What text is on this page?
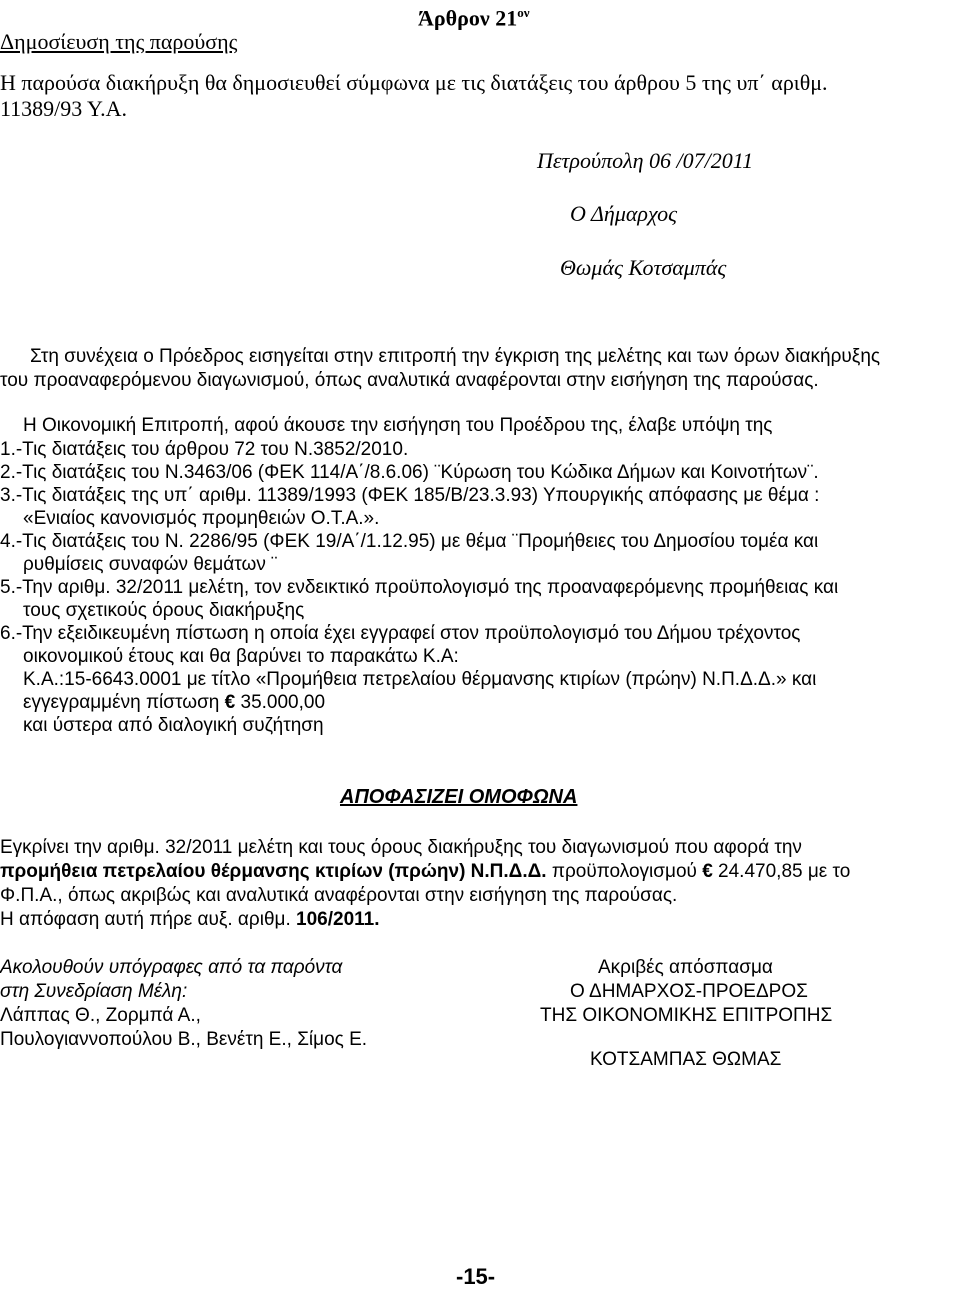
Άρθρον $21^{o\nu}$
Δημοσίευση της παρούσης
Η παρούσα διακήρυξη θα δημοσιευθεί σύμφωνα με τις διατάξεις του άρθρου 5 της υπ΄ αριθμ.
11389/93 Υ.Α.
Πετρούπολη 06 /07/2011
Ο Δήμαρχος
Θωμάς Κοτσαμπάς
Στη συνέχεια ο Πρόεδρος εισηγείται στην επιτροπή την έγκριση της μελέτης και των όρων διακήρυξης
του προαναφερόμενου διαγωνισμού, όπως αναλυτικά αναφέρονται στην εισήγηση της παρούσας.
Η Οικονομική Επιτροπή, αφού άκουσε την εισήγηση του Προέδρου της, έλαβε υπόψη της
1.-Τις διατάξεις του άρθρου 72 του Ν.3852/2010.
2.-Τις διατάξεις του Ν.3463/06 (ΦΕΚ 114/Α΄/8.6.06) ¨Κύρωση του Κώδικα Δήμων και Κοινοτήτων¨.
3.-Τις διατάξεις της υπ΄ αριθμ. 11389/1993 (ΦΕΚ 185/Β/23.3.93) Υπουργικής απόφασης με θέμα :
«Ενιαίος κανονισμός προμηθειών Ο.Τ.Α.».
4.-Τις διατάξεις του Ν. 2286/95 (ΦΕΚ 19/Α΄/1.12.95) με θέμα ¨Προμήθειες του Δημοσίου τομέα και
ρυθμίσεις συναφών θεμάτων ¨
5.-Την αριθμ. 32/2011 μελέτη, τον ενδεικτικό προϋπολογισμό της προαναφερόμενης προμήθειας και
τους σχετικούς όρους διακήρυξης
6.-Την εξειδικευμένη πίστωση η οποία έχει εγγραφεί στον προϋπολογισμό του Δήμου τρέχοντος
οικονομικού έτους και θα βαρύνει το παρακάτω Κ.Α:
Κ.Α.:15-6643.0001 με τίτλο «Προμήθεια πετρελαίου θέρμανσης κτιρίων (πρώην) Ν.Π.Δ.Δ.» και
εγγεγραμμένη πίστωση € 35.000,00
και ύστερα από διαλογική συζήτηση
ΑΠΟΦΑΣΙΖΕΙ ΟΜΟΦΩΝΑ
Εγκρίνει την αριθμ. 32/2011 μελέτη και τους όρους διακήρυξης του διαγωνισμού που αφορά την
προμήθεια πετρελαίου θέρμανσης κτιρίων (πρώην) Ν.Π.Δ.Δ. προϋπολογισμού € 24.470,85 με το
Φ.Π.Α., όπως ακριβώς και αναλυτικά αναφέρονται στην εισήγηση της παρούσας.
Η απόφαση αυτή πήρε αυξ. αριθμ. 106/2011.
Ακολουθούν υπόγραφες από τα παρόντα
στη Συνεδρίαση Μέλη:
Λάππας Θ., Ζορμπά Α.,
Πουλογιαννοπούλου Β., Βενέτη Ε., Σίμος Ε.
Ακριβές απόσπασμα
Ο ΔΗΜΑΡΧΟΣ-ΠΡΟΕΔΡΟΣ
ΤΗΣ ΟΙΚΟΝΟΜΙΚΗΣ ΕΠΙΤΡΟΠΗΣ
ΚΟΤΣΑΜΠΑΣ ΘΩΜΑΣ
-15-
